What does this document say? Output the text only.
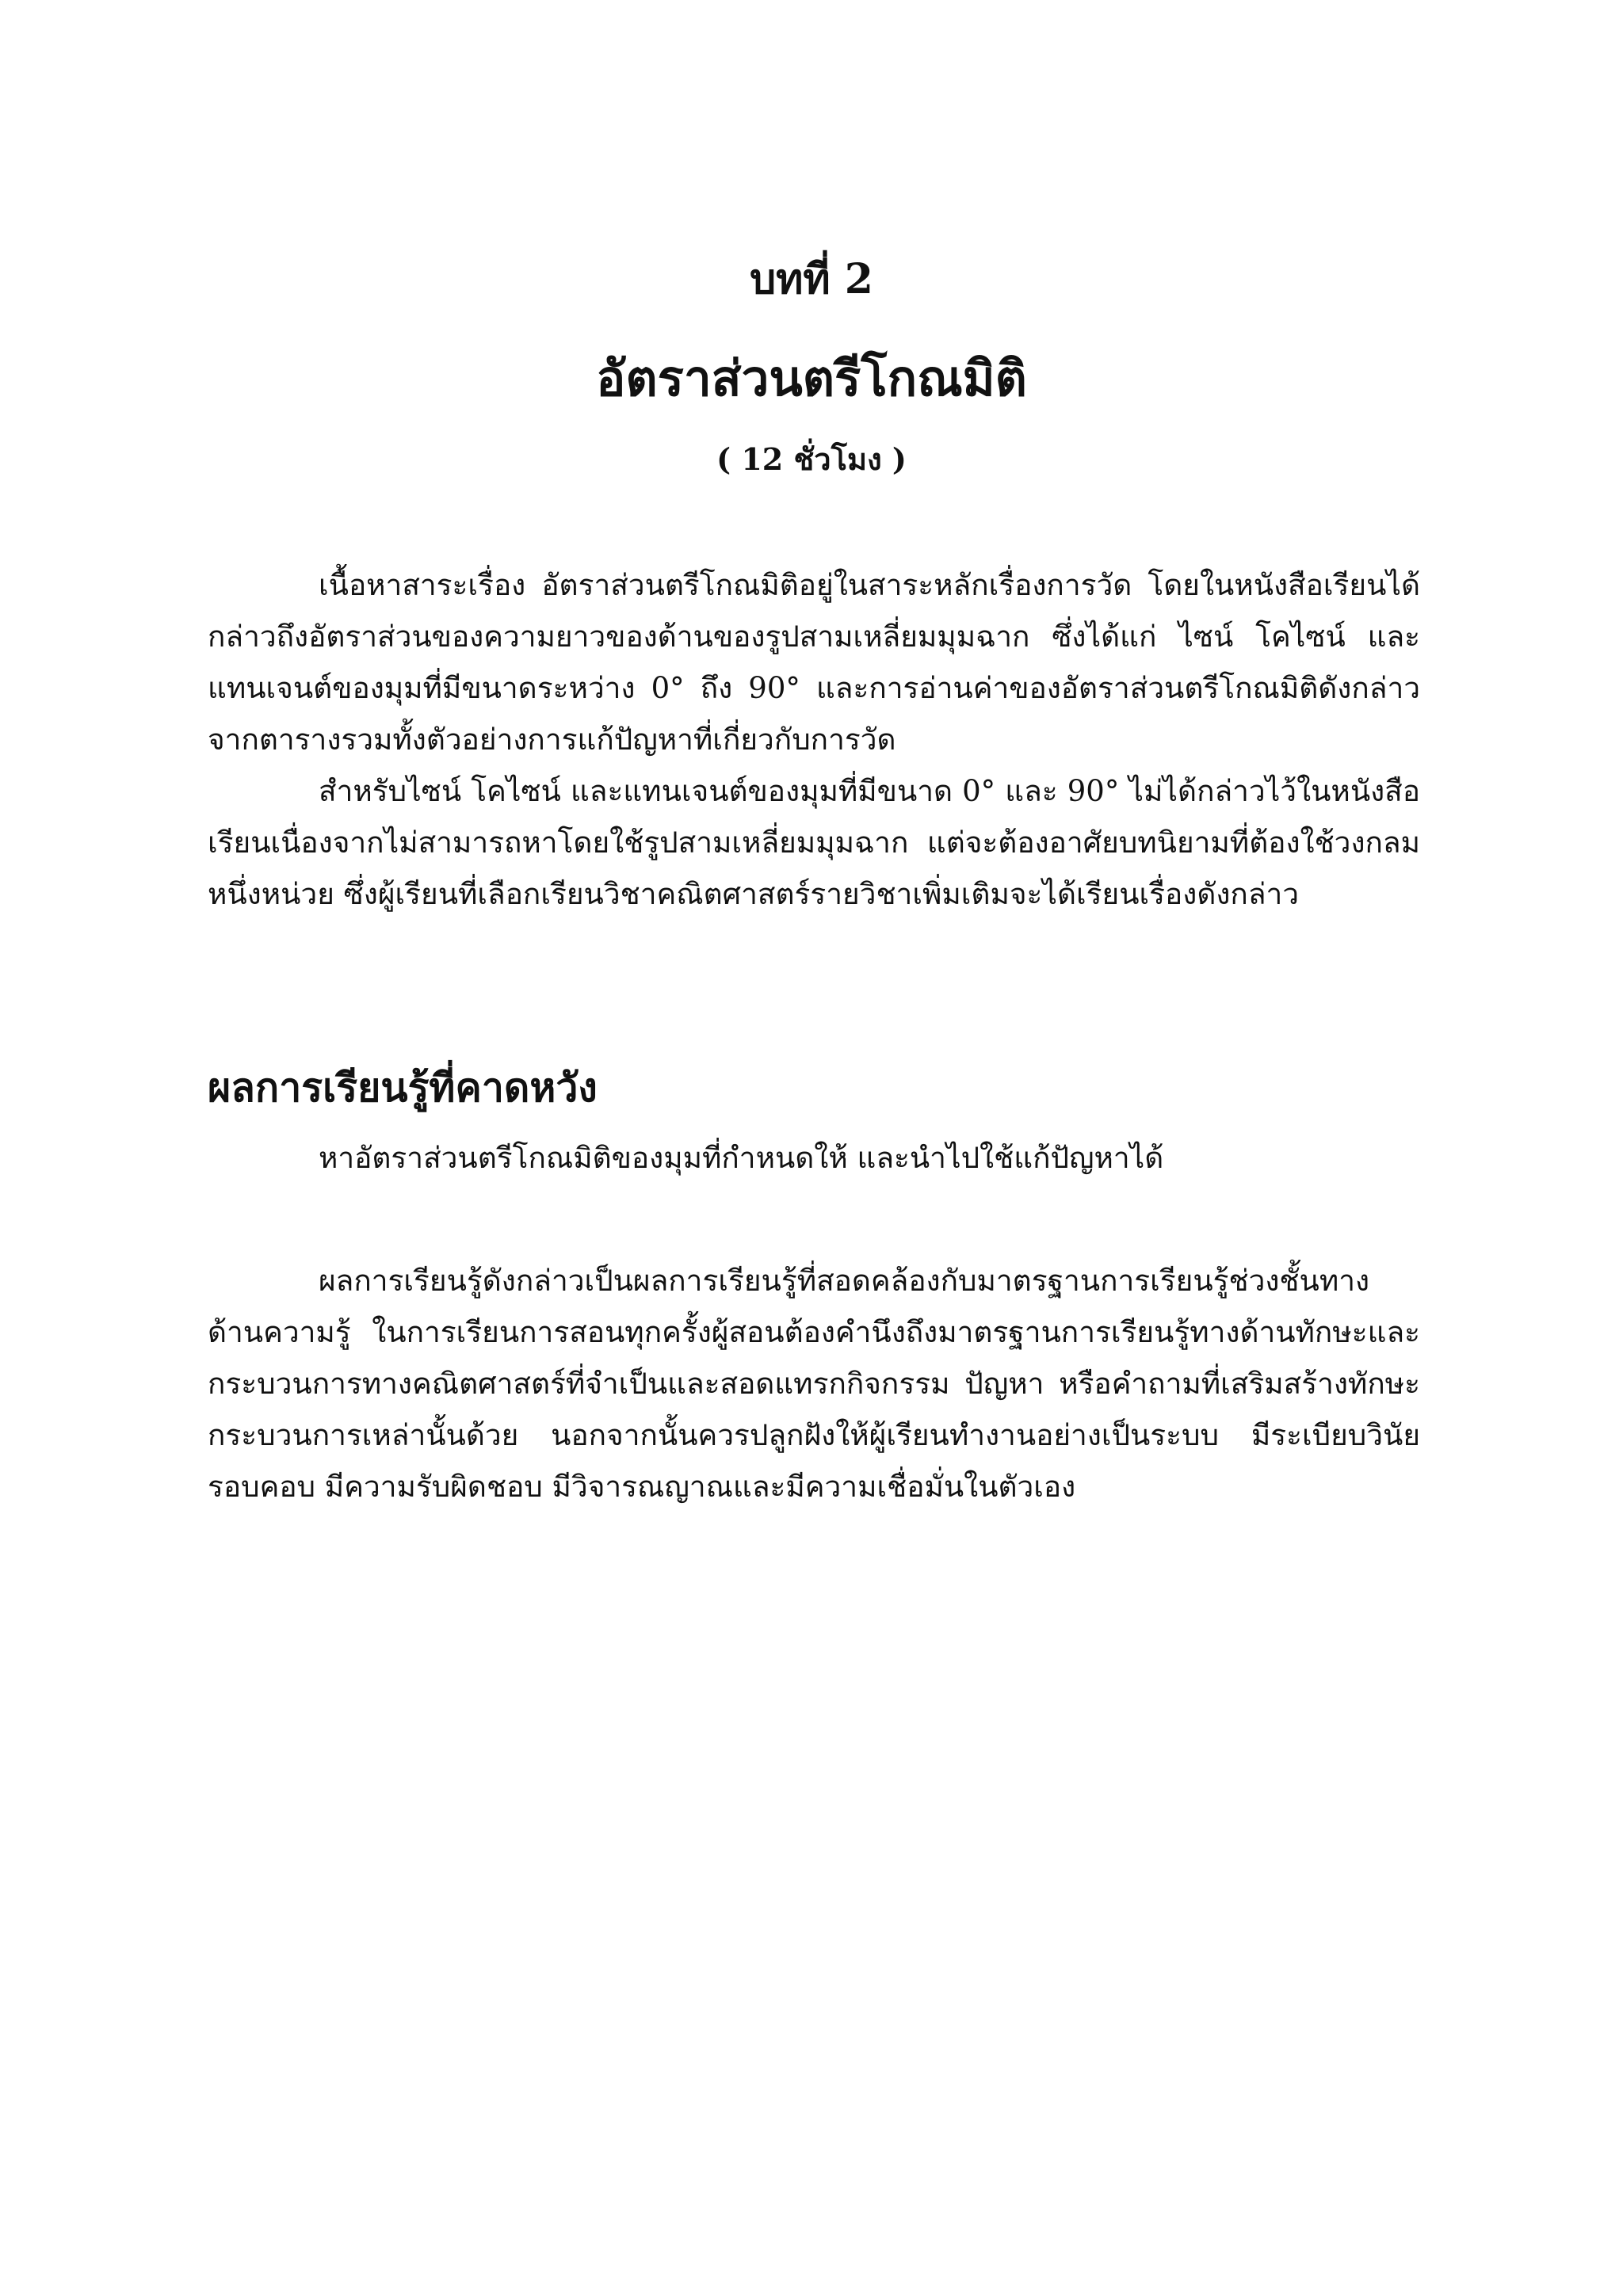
บทที่ 2
อัตราส่วนตรีโกณมิติ
( 12 ชั่วโมง )

เนื้อหาสาระเรื่อง อัตราส่วนตรีโกณมิติอยู่ในสาระหลักเรื่องการวัด โดยในหนังสือเรียนได้กล่าวถึงอัตราส่วนของความยาวของด้านของรูปสามเหลี่ยมมุมฉาก ซึ่งได้แก่ ไซน์ โคไซน์ และแทนเจนต์ของมุมที่มีขนาดระหว่าง 0° ถึง 90° และการอ่านค่าของอัตราส่วนตรีโกณมิติดังกล่าวจากตารางรวมทั้งตัวอย่างการแก้ปัญหาที่เกี่ยวกับการวัด

สำหรับไซน์ โคไซน์ และแทนเจนต์ของมุมที่มีขนาด 0° และ 90° ไม่ได้กล่าวไว้ในหนังสือเรียนเนื่องจากไม่สามารถหาโดยใช้รูปสามเหลี่ยมมุมฉาก แต่จะต้องอาศัยบทนิยามที่ต้องใช้วงกลมหนึ่งหน่วย ซึ่งผู้เรียนที่เลือกเรียนวิชาคณิตศาสตร์รายวิชาเพิ่มเติมจะได้เรียนเรื่องดังกล่าว

ผลการเรียนรู้ที่คาดหวัง
หาอัตราส่วนตรีโกณมิติของมุมที่กำหนดให้ และนำไปใช้แก้ปัญหาได้

ผลการเรียนรู้ดังกล่าวเป็นผลการเรียนรู้ที่สอดคล้องกับมาตรฐานการเรียนรู้ช่วงชั้นทางด้านความรู้ ในการเรียนการสอนทุกครั้งผู้สอนต้องคำนึงถึงมาตรฐานการเรียนรู้ทางด้านทักษะและกระบวนการทางคณิตศาสตร์ที่จำเป็นและสอดแทรกกิจกรรม ปัญหา หรือคำถามที่เสริมสร้างทักษะกระบวนการเหล่านั้นด้วย นอกจากนั้นควรปลูกฝังให้ผู้เรียนทำงานอย่างเป็นระบบ มีระเบียบวินัย รอบคอบ มีความรับผิดชอบ มีวิจารณญาณและมีความเชื่อมั่นในตัวเอง
